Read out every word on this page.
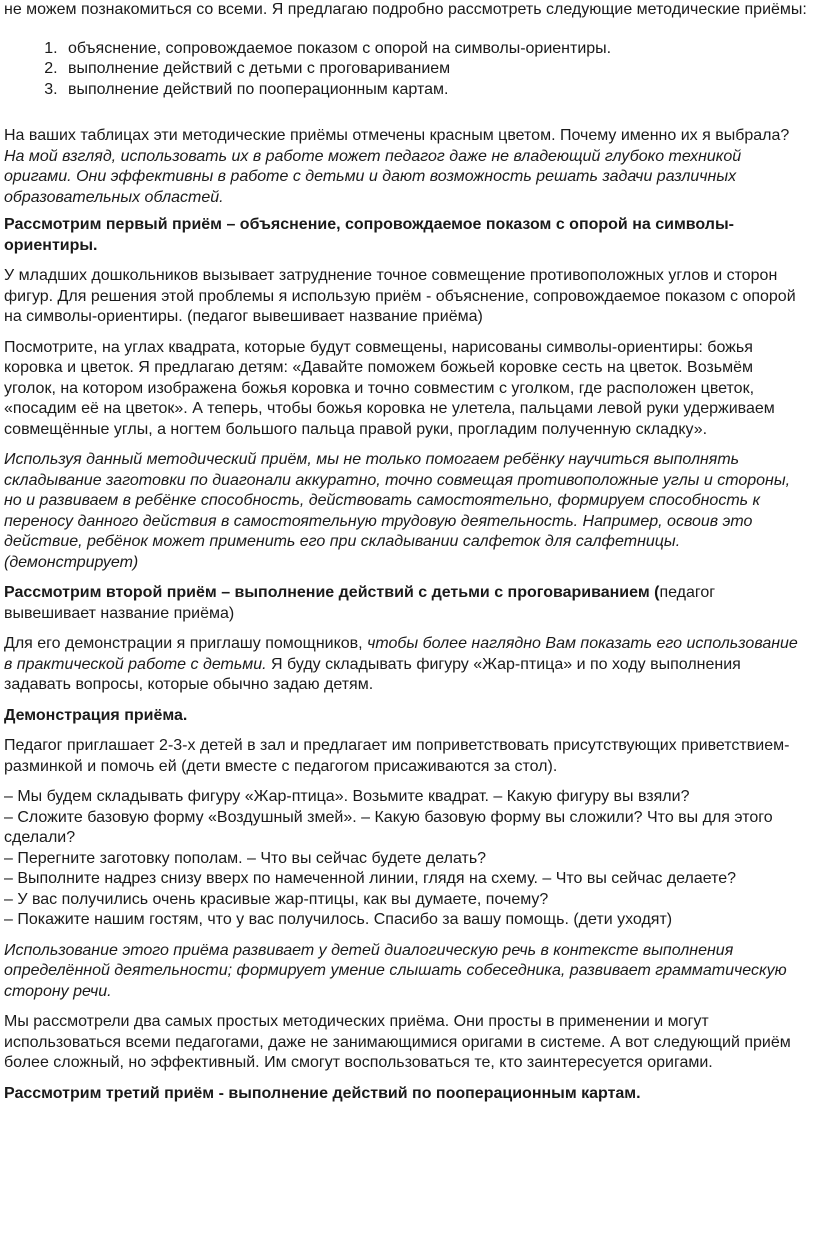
не можем познакомиться со всеми. Я предлагаю подробно рассмотреть следующие методические приёмы:

1. объяснение, сопровождаемое показом с опорой на символы-ориентиры.
2. выполнение действий с детьми с проговариванием
3. выполнение действий по пооперационным картам.

На ваших таблицах эти методические приёмы отмечены красным цветом. Почему именно их я выбрала? На мой взгляд, использовать их в работе может педагог даже не владеющий глубоко техникой оригами. Они эффективны в работе с детьми и дают возможность решать задачи различных образовательных областей.

Рассмотрим первый приём – объяснение, сопровождаемое показом с опорой на символы-ориентиры.

У младших дошкольников вызывает затруднение точное совмещение противоположных углов и сторон фигур. Для решения этой проблемы я использую приём - объяснение, сопровождаемое показом с опорой на символы-ориентиры. (педагог вывешивает название приёма)

Посмотрите, на углах квадрата, которые будут совмещены, нарисованы символы-ориентиры: божья коровка и цветок. Я предлагаю детям: «Давайте поможем божьей коровке сесть на цветок. Возьмём уголок, на котором изображена божья коровка и точно совместим с уголком, где расположен цветок, «посадим её на цветок». А теперь, чтобы божья коровка не улетела, пальцами левой руки удерживаем совмещённые углы, а ногтем большого пальца правой руки, прогладим полученную складку».

Используя данный методический приём, мы не только помогаем ребёнку научиться выполнять складывание заготовки по диагонали аккуратно, точно совмещая противоположные углы и стороны, но и развиваем в ребёнке способность, действовать самостоятельно, формируем способность к переносу данного действия в самостоятельную трудовую деятельность. Например, освоив это действие, ребёнок может применить его при складывании салфеток для салфетницы. (демонстрирует)

Рассмотрим второй приём – выполнение действий с детьми с проговариванием (педагог вывешивает название приёма)

Для его демонстрации я приглашу помощников, чтобы более наглядно Вам показать его использование в практической работе с детьми. Я буду складывать фигуру «Жар-птица» и по ходу выполнения задавать вопросы, которые обычно задаю детям.

Демонстрация приёма.

Педагог приглашает 2-3-х детей в зал и предлагает им поприветствовать присутствующих приветствием-разминкой и помочь ей (дети вместе с педагогом присаживаются за стол).

– Мы будем складывать фигуру «Жар-птица». Возьмите квадрат. – Какую фигуру вы взяли?

– Сложите базовую форму «Воздушный змей». – Какую базовую форму вы сложили? Что вы для этого сделали?

– Перегните заготовку пополам. – Что вы сейчас будете делать?

– Выполните надрез снизу вверх по намеченной линии, глядя на схему. – Что вы сейчас делаете?

– У вас получились очень красивые жар-птицы, как вы думаете, почему?

– Покажите нашим гостям, что у вас получилось. Спасибо за вашу помощь. (дети уходят)

Использование этого приёма развивает у детей диалогическую речь в контексте выполнения определённой деятельности; формирует умение слышать собеседника, развивает грамматическую сторону речи.

Мы рассмотрели два самых простых методических приёма. Они просты в применении и могут использоваться всеми педагогами, даже не занимающимися оригами в системе. А вот следующий приём более сложный, но эффективный. Им смогут воспользоваться те, кто заинтересуется оригами.

Рассмотрим третий приём - выполнение действий по пооперационным картам.
